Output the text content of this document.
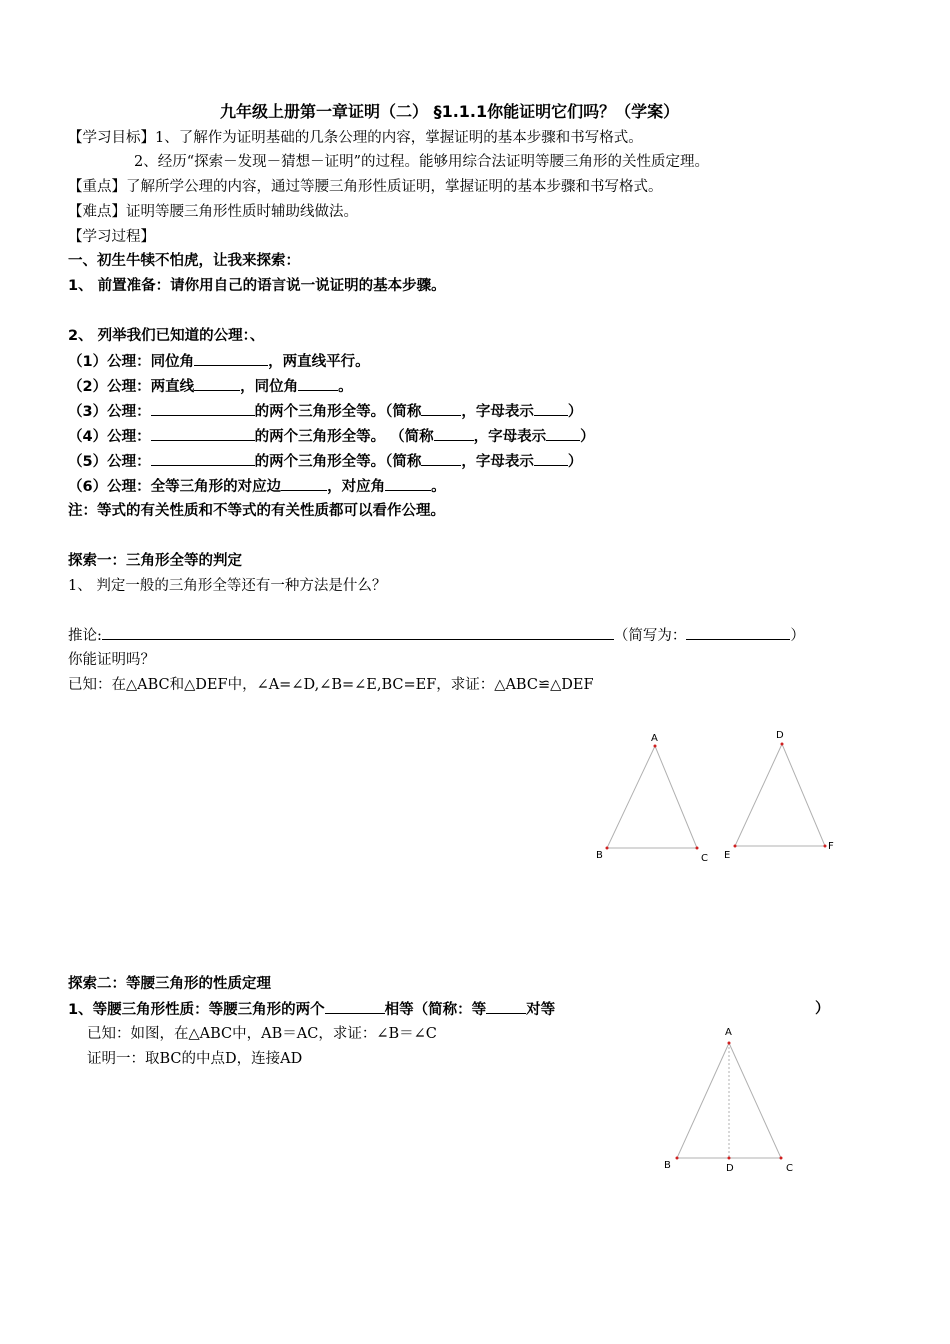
九年级上册第一章证明（二） §1.1.1你能证明它们吗？（学案）
【学习目标】1、了解作为证明基础的几条公理的内容，掌握证明的基本步骤和书写格式。
2、经历“探索－发现－猜想－证明”的过程。能够用综合法证明等腰三角形的关性质定理。
【重点】了解所学公理的内容，通过等腰三角形性质证明，掌握证明的基本步骤和书写格式。
【难点】证明等腰三角形性质时辅助线做法。
【学习过程】
一、初生牛犊不怕虎，让我来探索：
1、 前置准备：请你用自己的语言说一说证明的基本步骤。
2、 列举我们已知道的公理：、
（1）公理：同位角	，两直线平行。
（2）公理：两直线	，同位角	。
（3）公理：	的两个三角形全等。（简称	，字母表示 ）
（4）公理：	的两个三角形全等。 （简称	，字母表示 ）
（5）公理：	的两个三角形全等。（简称	，字母表示 ）
（6）公理：全等三角形的对应边	，对应角	。
注：等式的有关性质和不等式的有关性质都可以看作公理。
探索一：三角形全等的判定
1、 判定一般的三角形全等还有一种方法是什么？
推论:	（简写为：	）
你能证明吗？
已知：在△ABC和△DEF中，∠A=∠D,∠B=∠E,BC=EF，求证：△ABC≌△DEF
A
B	C
D
E
F
A
B	C
D
探索二：等腰三角形的性质定理
1、等腰三角形性质：等腰三角形的两个	相等（简称：等	对等	）
已知：如图，在△ABC中，AB＝AC，求证：∠B＝∠C
证明一：取BC的中点D，连接AD
